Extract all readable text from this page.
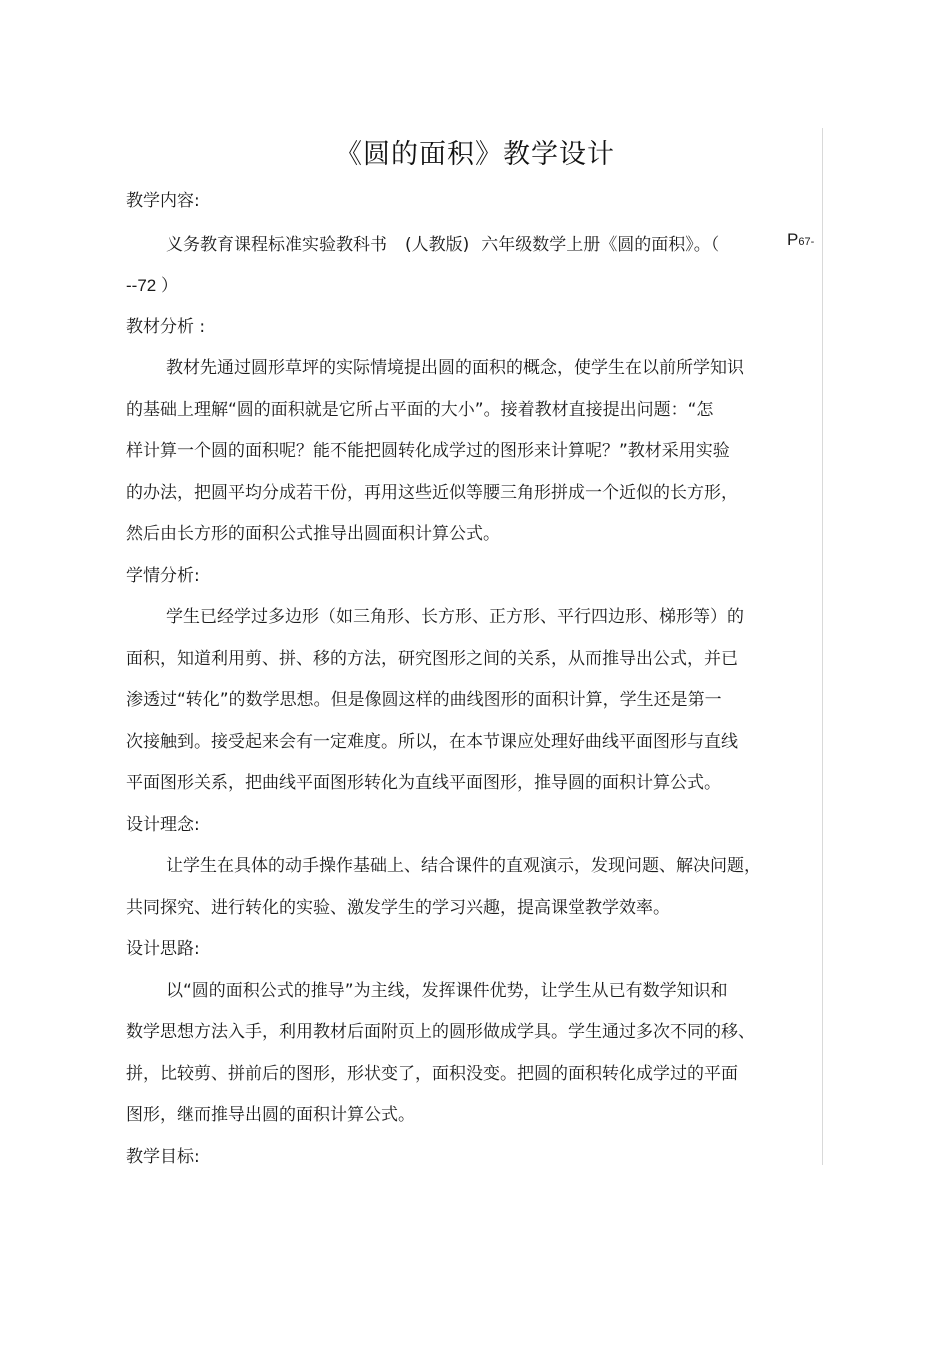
《圆的面积》教学设计
教学内容:
义务教育课程标准实验教科书 (人教版) 六年级数学上册《圆的面积》。（	P67-
--72 ）
教材分析 :
教材先通过圆形草坪的实际情境提出圆的面积的概念，使学生在以前所学知识
的基础上理解“圆的面积就是它所占平面的大小”。接着教材直接提出问题：“怎
样计算一个圆的面积呢？能不能把圆转化成学过的图形来计算呢？”教材采用实验
的办法，把圆平均分成若干份，再用这些近似等腰三角形拼成一个近似的长方形，
然后由长方形的面积公式推导出圆面积计算公式。
学情分析:
学生已经学过多边形（如三角形、长方形、正方形、平行四边形、梯形等）的
面积，知道利用剪、拼、移的方法，研究图形之间的关系，从而推导出公式，并已
渗透过“转化”的数学思想。但是像圆这样的曲线图形的面积计算，学生还是第一
次接触到。接受起来会有一定难度。所以，在本节课应处理好曲线平面图形与直线
平面图形关系，把曲线平面图形转化为直线平面图形，推导圆的面积计算公式。
设计理念:
让学生在具体的动手操作基础上、结合课件的直观演示，发现问题、解决问题，
共同探究、进行转化的实验、激发学生的学习兴趣，提高课堂教学效率。
设计思路:
以“圆的面积公式的推导”为主线，发挥课件优势，让学生从已有数学知识和
数学思想方法入手，利用教材后面附页上的圆形做成学具。学生通过多次不同的移、
拼，比较剪、拼前后的图形，形状变了，面积没变。把圆的面积转化成学过的平面
图形，继而推导出圆的面积计算公式。
教学目标:
